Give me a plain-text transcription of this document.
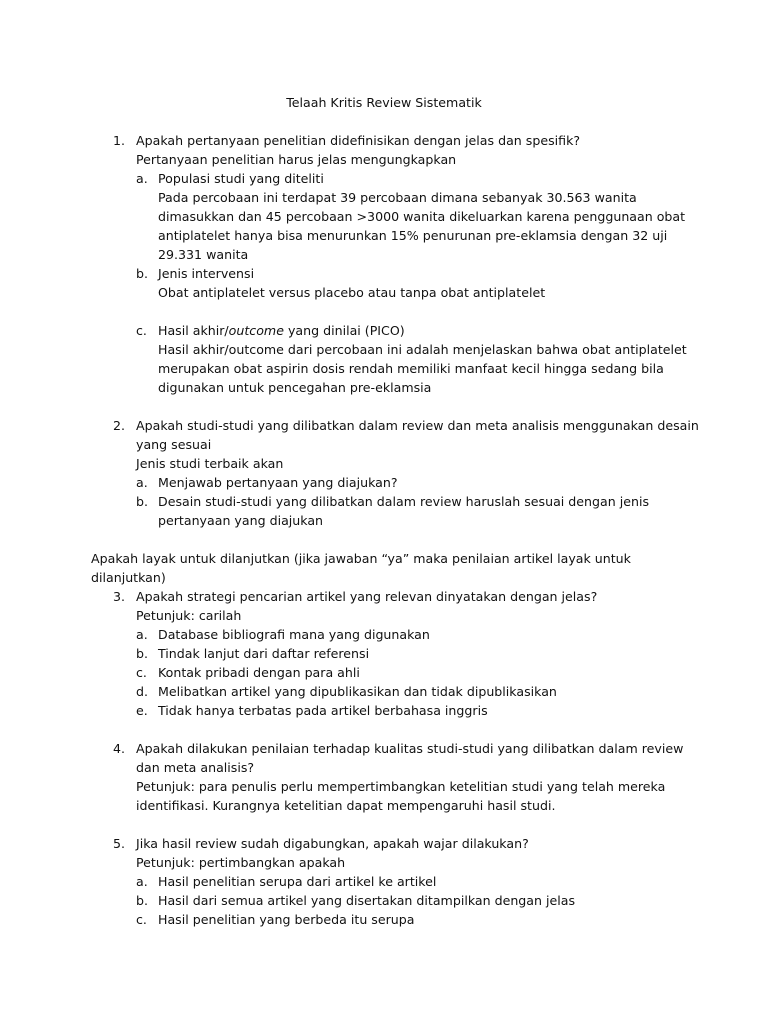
Telaah Kritis Review Sistematik
1. Apakah pertanyaan penelitian didefinisikan dengan jelas dan spesifik?
Pertanyaan penelitian harus jelas mengungkapkan
a. Populasi studi yang diteliti
Pada percobaan ini terdapat 39 percobaan dimana sebanyak 30.563 wanita
dimasukkan dan 45 percobaan >3000 wanita dikeluarkan karena penggunaan obat
antiplatelet hanya bisa menurunkan 15% penurunan pre-eklamsia dengan 32 uji
29.331 wanita
b. Jenis intervensi
Obat antiplatelet versus placebo atau tanpa obat antiplatelet
c. Hasil akhir/outcome yang dinilai (PICO)
Hasil akhir/outcome dari percobaan ini adalah menjelaskan bahwa obat antiplatelet
merupakan obat aspirin dosis rendah memiliki manfaat kecil hingga sedang bila
digunakan untuk pencegahan pre-eklamsia
2. Apakah studi-studi yang dilibatkan dalam review dan meta analisis menggunakan desain
yang sesuai
Jenis studi terbaik akan
a. Menjawab pertanyaan yang diajukan?
b. Desain studi-studi yang dilibatkan dalam review haruslah sesuai dengan jenis
pertanyaan yang diajukan
Apakah layak untuk dilanjutkan (jika jawaban “ya” maka penilaian artikel layak untuk
dilanjutkan)
3. Apakah strategi pencarian artikel yang relevan dinyatakan dengan jelas?
Petunjuk: carilah
a. Database bibliografi mana yang digunakan
b. Tindak lanjut dari daftar referensi
c. Kontak pribadi dengan para ahli
d. Melibatkan artikel yang dipublikasikan dan tidak dipublikasikan
e. Tidak hanya terbatas pada artikel berbahasa inggris
4. Apakah dilakukan penilaian terhadap kualitas studi-studi yang dilibatkan dalam review
dan meta analisis?
Petunjuk: para penulis perlu mempertimbangkan ketelitian studi yang telah mereka
identifikasi. Kurangnya ketelitian dapat mempengaruhi hasil studi.
5. Jika hasil review sudah digabungkan, apakah wajar dilakukan?
Petunjuk: pertimbangkan apakah
a. Hasil penelitian serupa dari artikel ke artikel
b. Hasil dari semua artikel yang disertakan ditampilkan dengan jelas
c. Hasil penelitian yang berbeda itu serupa
